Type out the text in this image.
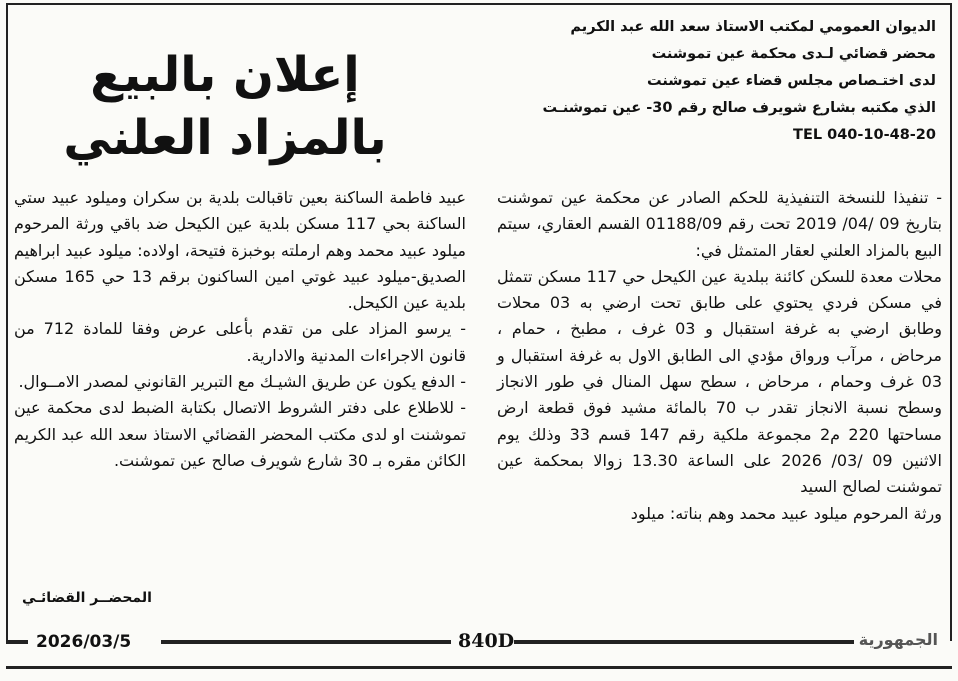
الديوان العمومي لمكتب الاستاذ سعد الله عبد الكريم
محضر قضائي لـدى محكمة عين تموشنت
لدى اختـصاص مجلس قضاء عين تموشنت
الذي مكتبه بشارع شويرف صالح رقم 30- عين تموشنـت
TEL 040-10-48-20
إعلان بالبيع
بالمزاد العلني

- تنفيذا للنسخة التنفيذية للحكم الصادر عن محكمة عين تموشنت بتاريخ 09 /04/ 2019 تحت رقم 01188/09 القسم العقاري، سيتم البيع بالمزاد العلني لعقار المتمثل في:

محلات معدة للسكن كائنة ببلدية عين الكيحل حي 117 مسكن تتمثل في مسكن فردي يحتوي على طابق تحت ارضي به 03 محلات وطابق ارضي به غرفة استقبال و 03 غرف ، مطبخ ، حمام ، مرحاض ، مرآب ورواق مؤدي الى الطابق الاول به غرفة استقبال و 03 غرف وحمام ، مرحاض ، سطح سهل المنال في طور الانجاز وسطح نسبة الانجاز تقدر ب 70 بالمائة مشيد فوق قطعة ارض مساحتها 220 م2 مجموعة ملكية رقم 147 قسم 33 وذلك يوم الاثنين 09 /03/ 2026 على الساعة 13.30 زوالا بمحكمة عين تموشنت لصالح السيد

ورثة المرحوم ميلود عبيد محمد وهم بناته: ميلود

عبيد فاطمة الساكنة بعين تاقبالت بلدية بن سكران وميلود عبيد ستي الساكنة بحي 117 مسكن بلدية عين الكيحل ضد باقي ورثة المرحوم ميلود عبيد محمد وهم ارملته بوخبزة فتيحة، اولاده: ميلود عبيد ابراهيم الصديق-ميلود عبيد غوتي امين الساكنون برقم 13 حي 165 مسكن بلدية عين الكيحل.

- يرسو المزاد على من تقدم بأعلى عرض وفقا للمادة 712 من قانون الاجراءات المدنية والادارية.

- الدفع يكون عن طريق الشيـك مع التبرير القانوني لمصدر الامــوال.

- للاطلاع على دفتر الشروط الاتصال بكتابة الضبط لدى محكمة عين تموشنت او لدى مكتب المحضر القضائي الاستاذ سعد الله عبد الكريم الكائن مقره بـ 30 شارع شويرف صالح عين تموشنت.

المحضــر القضائـي
2026/03/5	840D	الجمهورية
